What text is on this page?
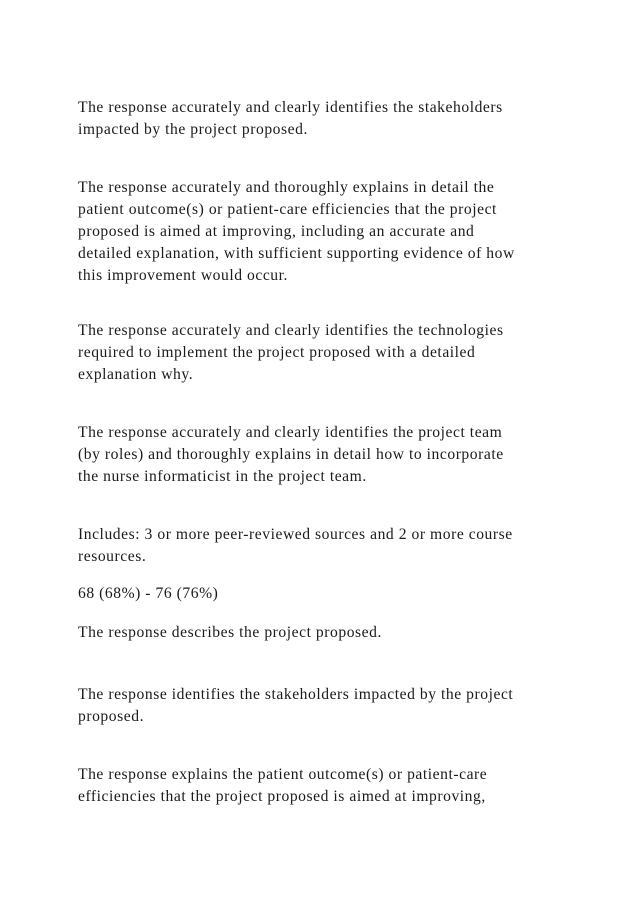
The response accurately and clearly identifies the stakeholders
impacted by the project proposed.

The response accurately and thoroughly explains in detail the
patient outcome(s) or patient-care efficiencies that the project
proposed is aimed at improving, including an accurate and
detailed explanation, with sufficient supporting evidence of how
this improvement would occur.

The response accurately and clearly identifies the technologies
required to implement the project proposed with a detailed
explanation why.

The response accurately and clearly identifies the project team
(by roles) and thoroughly explains in detail how to incorporate
the nurse informaticist in the project team.

Includes: 3 or more peer-reviewed sources and 2 or more course
resources.

68 (68%) - 76 (76%)

The response describes the project proposed.

The response identifies the stakeholders impacted by the project
proposed.

The response explains the patient outcome(s) or patient-care
efficiencies that the project proposed is aimed at improving,
